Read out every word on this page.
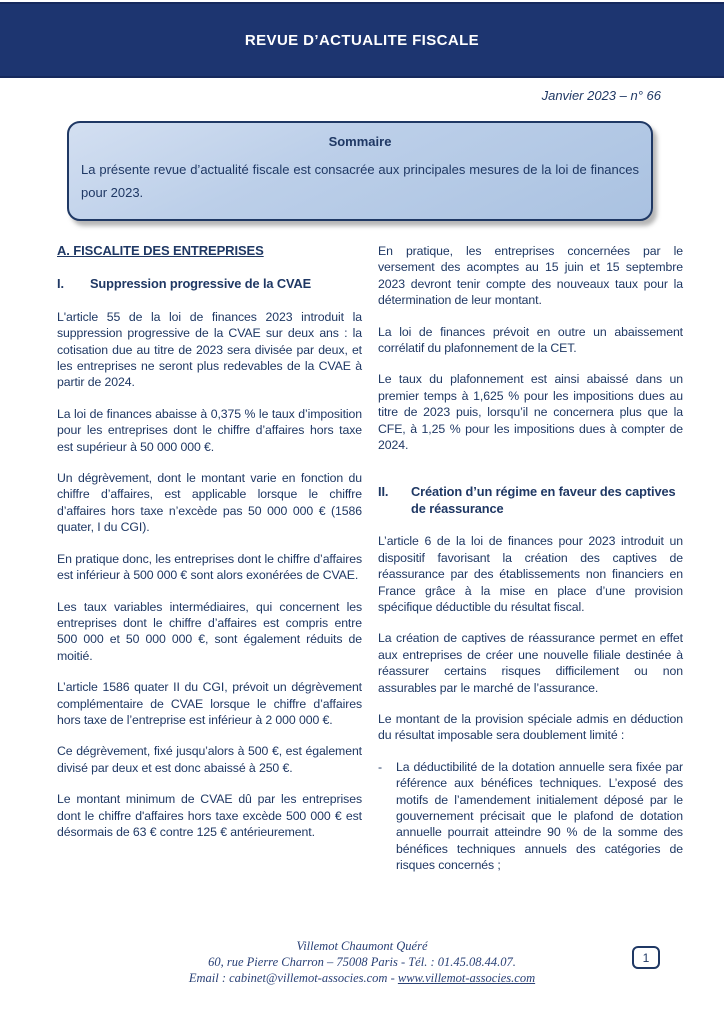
REVUE D’ACTUALITE FISCALE
Janvier 2023 – n° 66
Sommaire
La présente revue d’actualité fiscale est consacrée aux principales mesures de la loi de finances pour 2023.
A. FISCALITE DES ENTREPRISES
I.	Suppression progressive de la CVAE

L'article 55 de la loi de finances 2023 introduit la suppression progressive de la CVAE sur deux ans : la cotisation due au titre de 2023 sera divisée par deux, et les entreprises ne seront plus redevables de la CVAE à partir de 2024.

La loi de finances abaisse à 0,375 % le taux d’imposition pour les entreprises dont le chiffre d’affaires hors taxe est supérieur à 50 000 000 €.

Un dégrèvement, dont le montant varie en fonction du chiffre d’affaires, est applicable lorsque le chiffre d’affaires hors taxe n’excède pas 50 000 000 € (1586 quater, I du CGI).

En pratique donc, les entreprises dont le chiffre d’affaires est inférieur à 500 000 € sont alors exonérées de CVAE.

Les taux variables intermédiaires, qui concernent les entreprises dont le chiffre d’affaires est compris entre 500 000 et 50 000 000 €, sont également réduits de moitié.

L’article 1586 quater II du CGI, prévoit un dégrèvement complémentaire de CVAE lorsque le chiffre d’affaires hors taxe de l’entreprise est inférieur à 2 000 000 €.

Ce dégrèvement, fixé jusqu’alors à 500 €, est également divisé par deux et est donc abaissé à 250 €.

Le montant minimum de CVAE dû par les entreprises dont le chiffre d'affaires hors taxe excède 500 000 € est désormais de 63 € contre 125 € antérieurement.

En pratique, les entreprises concernées par le versement des acomptes au 15 juin et 15 septembre 2023 devront tenir compte des nouveaux taux pour la détermination de leur montant.

La loi de finances prévoit en outre un abaissement corrélatif du plafonnement de la CET.

Le taux du plafonnement est ainsi abaissé dans un premier temps à 1,625 % pour les impositions dues au titre de 2023 puis, lorsqu’il ne concernera plus que la CFE, à 1,25 % pour les impositions dues à compter de 2024.

II.	Création d’un régime en faveur des captives de réassurance

L’article 6 de la loi de finances pour 2023 introduit un dispositif favorisant la création des captives de réassurance par des établissements non financiers en France grâce à la mise en place d’une provision spécifique déductible du résultat fiscal.

La création de captives de réassurance permet en effet aux entreprises de créer une nouvelle filiale destinée à réassurer certains risques difficilement ou non assurables par le marché de l’assurance.

Le montant de la provision spéciale admis en déduction du résultat imposable sera doublement limité :

-	La déductibilité de la dotation annuelle sera fixée par référence aux bénéfices techniques. L’exposé des motifs de l’amendement initialement déposé par le gouvernement précisait que le plafond de dotation annuelle pourrait atteindre 90 % de la somme des bénéfices techniques annuels des catégories de risques concernés ;
Villemot Chaumont Quéré
60, rue Pierre Charron – 75008 Paris - Tél. : 01.45.08.44.07.
Email : cabinet@villemot-associes.com - www.villemot-associes.com
1
